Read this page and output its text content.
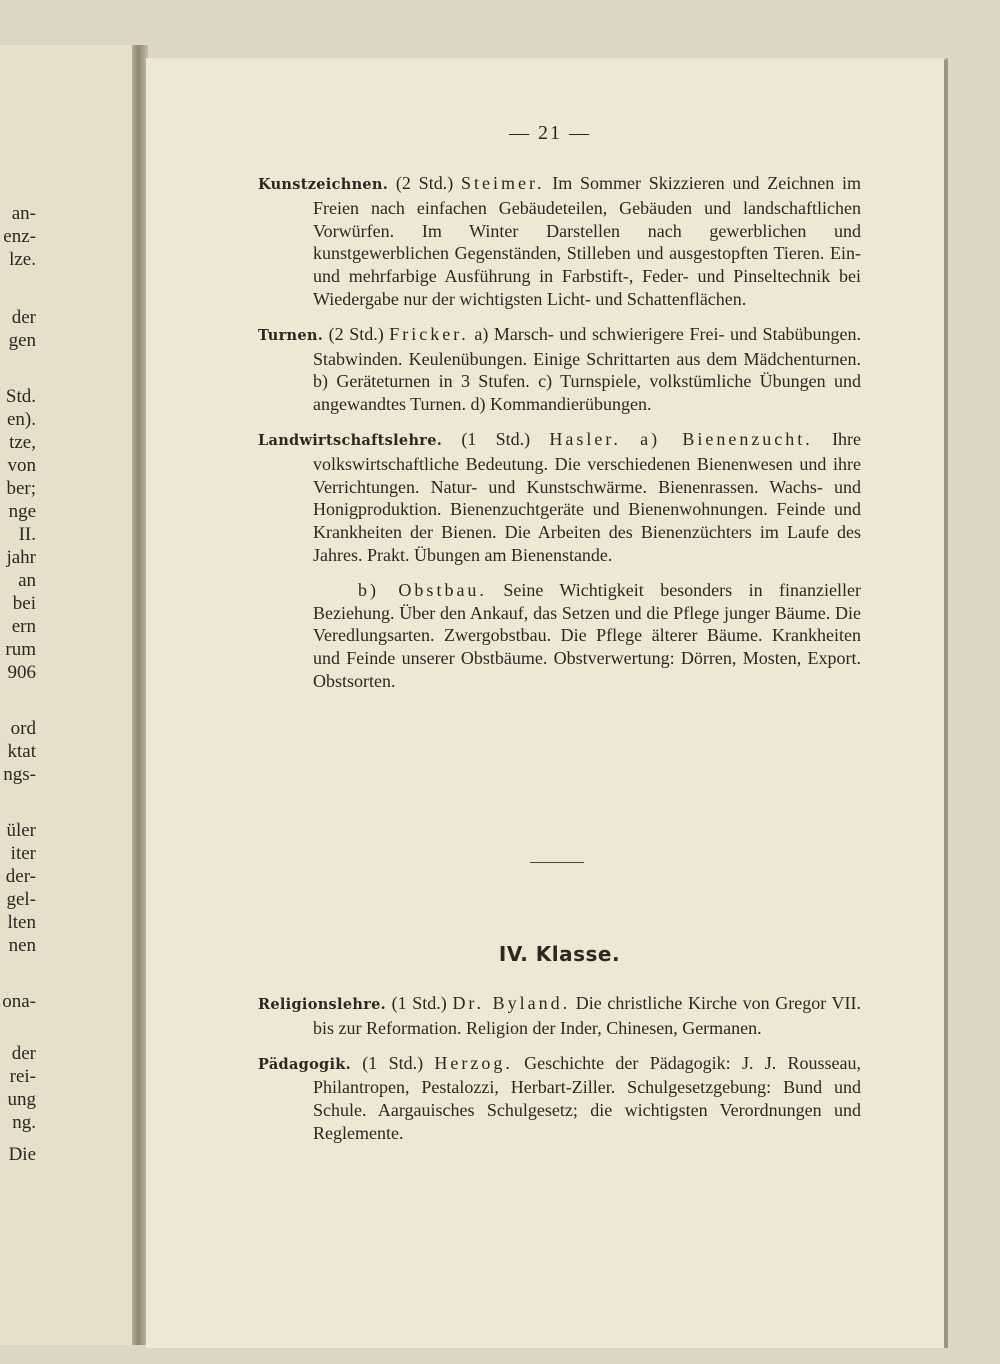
an-
enz-
lze.
der
gen
Std.
en).
tze,
von
ber;
nge
II.
jahr
an
bei
ern
rum
906
ord
ktat
ngs-
üler
iter
der-
gel-
lten
nen
ona-
der
rei-
ung
ng.
Die
— 21 —

Kunstzeichnen. (2 Std.) Steimer. Im Sommer Skizzieren und Zeichnen im Freien nach einfachen Gebäudeteilen, Gebäuden und landschaftlichen Vorwürfen. Im Winter Darstellen nach gewerblichen und kunstgewerblichen Gegenständen, Stilleben und ausgestopften Tieren. Ein- und mehrfarbige Ausführung in Farbstift-, Feder- und Pinseltechnik bei Wiedergabe nur der wichtigsten Licht- und Schattenflächen.

Turnen. (2 Std.) Fricker. a) Marsch- und schwierigere Frei- und Stabübungen. Stabwinden. Keulenübungen. Einige Schrittarten aus dem Mädchenturnen. b) Geräteturnen in 3 Stufen. c) Turnspiele, volkstümliche Übungen und angewandtes Turnen. d) Kommandierübungen.

Landwirtschaftslehre. (1 Std.) Hasler. a) Bienenzucht. Ihre volkswirtschaftliche Bedeutung. Die verschiedenen Bienenwesen und ihre Verrichtungen. Natur- und Kunstschwärme. Bienenrassen. Wachs- und Honigproduktion. Bienenzuchtgeräte und Bienenwohnungen. Feinde und Krankheiten der Bienen. Die Arbeiten des Bienenzüchters im Laufe des Jahres. Prakt. Übungen am Bienenstande.

b) Obstbau. Seine Wichtigkeit besonders in finanzieller Beziehung. Über den Ankauf, das Setzen und die Pflege junger Bäume. Die Veredlungsarten. Zwergobstbau. Die Pflege älterer Bäume. Krankheiten und Feinde unserer Obstbäume. Obstverwertung: Dörren, Mosten, Export. Obstsorten.

IV. Klasse.

Religionslehre. (1 Std.) Dr. Byland. Die christliche Kirche von Gregor VII. bis zur Reformation. Religion der Inder, Chinesen, Germanen.

Pädagogik. (1 Std.) Herzog. Geschichte der Pädagogik: J. J. Rousseau, Philantropen, Pestalozzi, Herbart-Ziller. Schulgesetzgebung: Bund und Schule. Aargauisches Schulgesetz; die wichtigsten Verordnungen und Reglemente.
